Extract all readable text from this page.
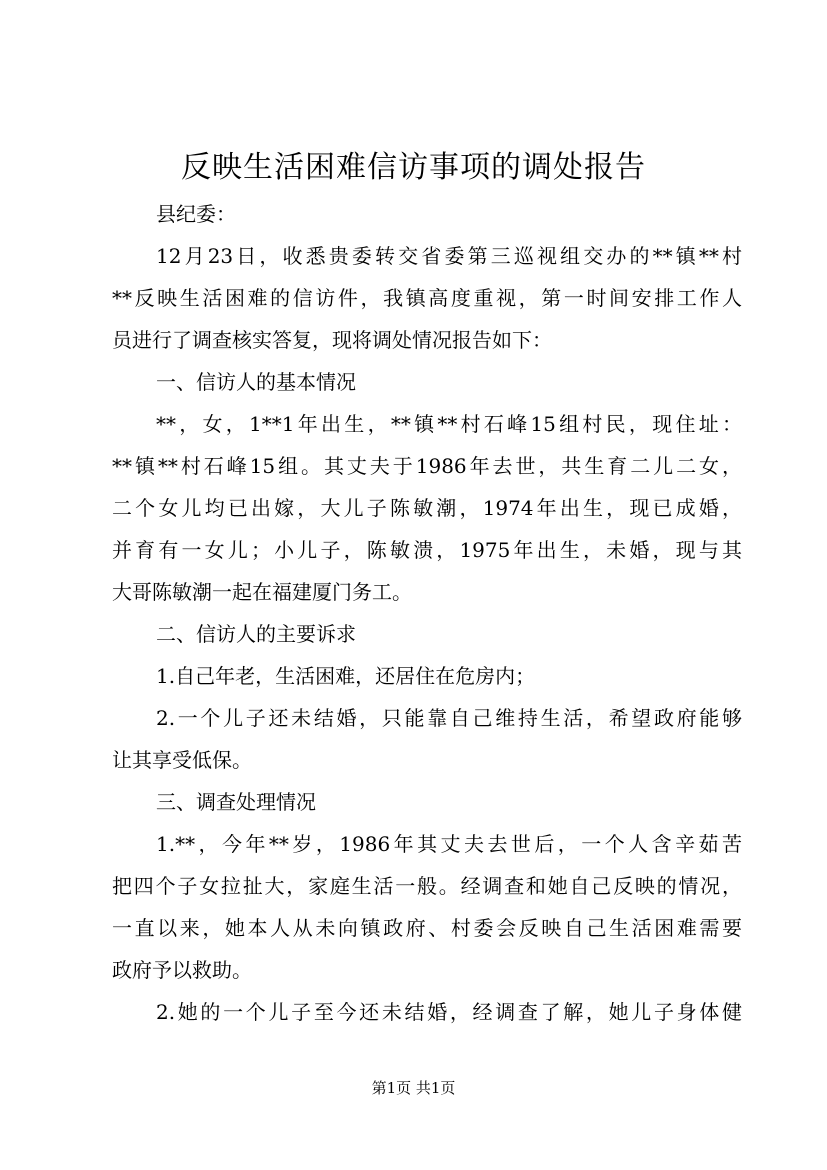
反映生活困难信访事项的调处报告

县纪委：

12月23日，收悉贵委转交省委第三巡视组交办的**镇**村

**反映生活困难的信访件，我镇高度重视，第一时间安排工作人

员进行了调查核实答复，现将调处情况报告如下：

一、信访人的基本情况

**，女，1**1年出生，**镇**村石峰15组村民，现住址：

**镇**村石峰15组。其丈夫于1986年去世，共生育二儿二女，

二个女儿均已出嫁，大儿子陈敏潮，1974年出生，现已成婚，

并育有一女儿；小儿子，陈敏溃，1975年出生，未婚，现与其

大哥陈敏潮一起在福建厦门务工。

二、信访人的主要诉求

1.自己年老，生活困难，还居住在危房内；

2.一个儿子还未结婚，只能靠自己维持生活，希望政府能够

让其享受低保。

三、调查处理情况

1.**，今年**岁，1986年其丈夫去世后，一个人含辛茹苦

把四个子女拉扯大，家庭生活一般。经调查和她自己反映的情况，

一直以来，她本人从未向镇政府、村委会反映自己生活困难需要

政府予以救助。

2.她的一个儿子至今还未结婚，经调查了解，她儿子身体健

第1页 共1页
